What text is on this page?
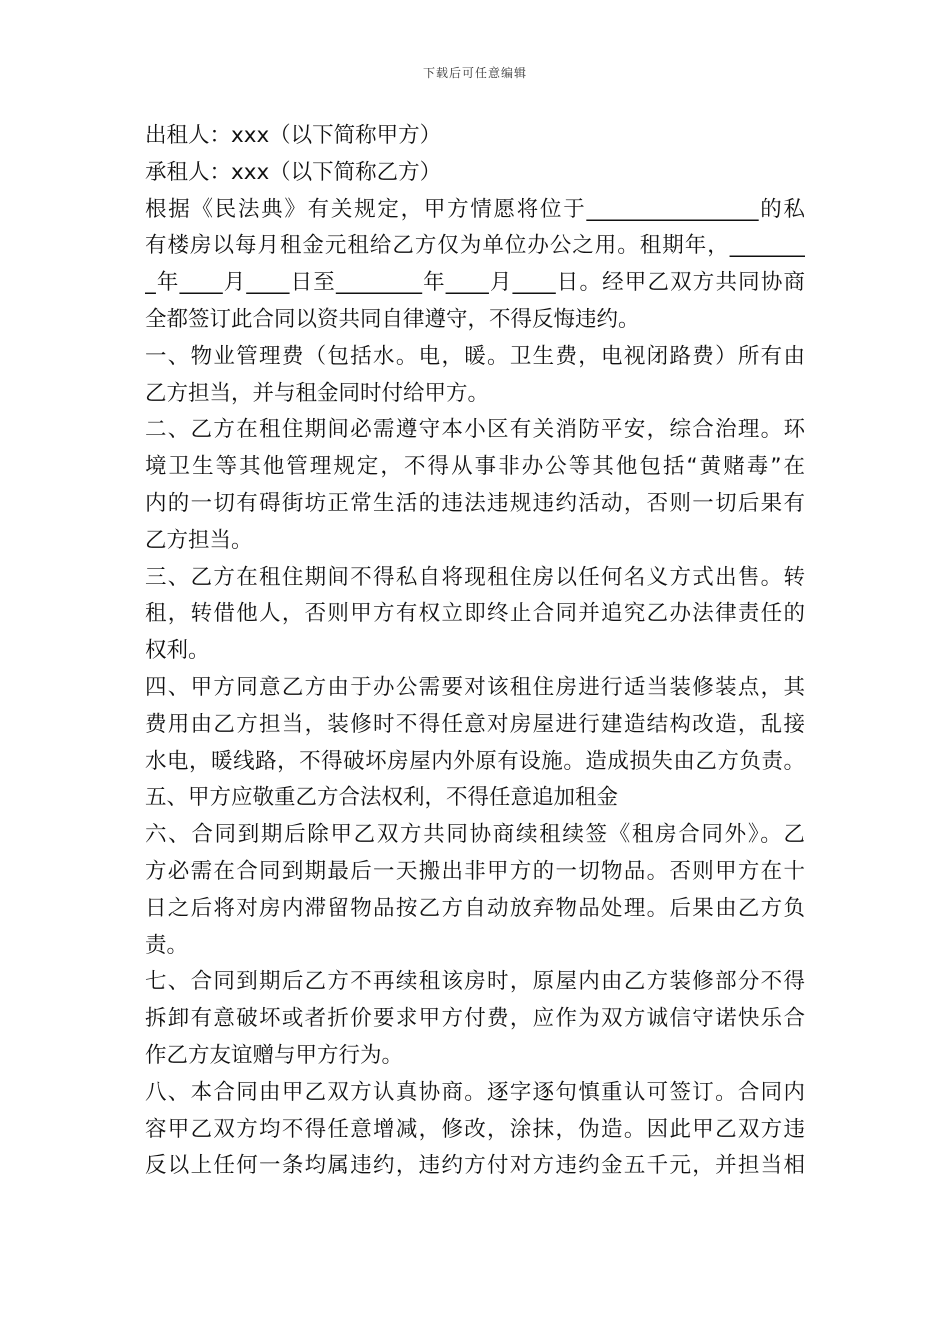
下载后可任意编辑
出租人：xxx（以下简称甲方）
承租人：xxx（以下简称乙方）
根据《民法典》有关规定，甲方情愿将位于________________的私
有楼房以每月租金元租给乙方仅为单位办公之用。租期年，_______
_年____月____日至________年____月____日。经甲乙双方共同协商
全都签订此合同以资共同自律遵守，不得反悔违约。
一、物业管理费（包括水。电，暖。卫生费，电视闭路费）所有由
乙方担当，并与租金同时付给甲方。
二、乙方在租住期间必需遵守本小区有关消防平安，综合治理。环
境卫生等其他管理规定，不得从事非办公等其他包括“黄赌毒”在
内的一切有碍街坊正常生活的违法违规违约活动，否则一切后果有
乙方担当。
三、乙方在租住期间不得私自将现租住房以任何名义方式出售。转
租，转借他人，否则甲方有权立即终止合同并追究乙办法律责任的
权利。
四、甲方同意乙方由于办公需要对该租住房进行适当装修装点，其
费用由乙方担当，装修时不得任意对房屋进行建造结构改造，乱接
水电，暖线路，不得破坏房屋内外原有设施。造成损失由乙方负责。
五、甲方应敬重乙方合法权利，不得任意追加租金
六、合同到期后除甲乙双方共同协商续租续签《租房合同外》。乙
方必需在合同到期最后一天搬出非甲方的一切物品。否则甲方在十
日之后将对房内滞留物品按乙方自动放弃物品处理。后果由乙方负
责。
七、合同到期后乙方不再续租该房时，原屋内由乙方装修部分不得
拆卸有意破坏或者折价要求甲方付费，应作为双方诚信守诺快乐合
作乙方友谊赠与甲方行为。
八、本合同由甲乙双方认真协商。逐字逐句慎重认可签订。合同内
容甲乙双方均不得任意增减，修改，涂抹，伪造。因此甲乙双方违
反以上任何一条均属违约，违约方付对方违约金五千元，并担当相
